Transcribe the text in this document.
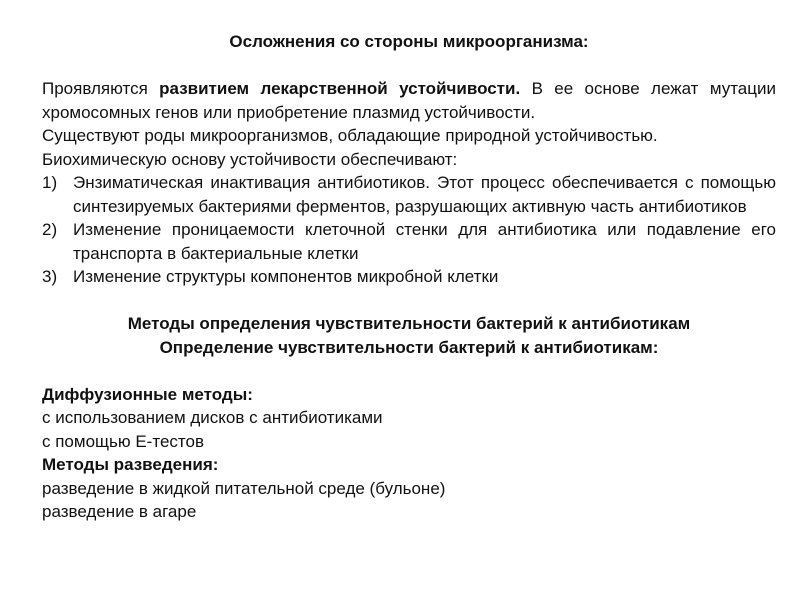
Осложнения со стороны микроорганизма:

Проявляются развитием лекарственной устойчивости. В ее основе лежат мутации хромосомных генов или приобретение плазмид устойчивости.

Существуют роды микроорганизмов, обладающие природной устойчивостью.

Биохимическую основу устойчивости обеспечивают:

1) Энзиматическая инактивация антибиотиков. Этот процесс обеспечивается с помощью синтезируемых бактериями ферментов, разрушающих активную часть антибиотиков
2) Изменение проницаемости клеточной стенки для антибиотика или подавление его транспорта в бактериальные клетки
3) Изменение структуры компонентов микробной клетки

Методы определения чувствительности бактерий к антибиотикам

Определение чувствительности бактерий к антибиотикам:

Диффузионные методы:

с использованием дисков с антибиотиками

с помощью Е-тестов

Методы разведения:

разведение в жидкой питательной среде (бульоне)

разведение в агаре
